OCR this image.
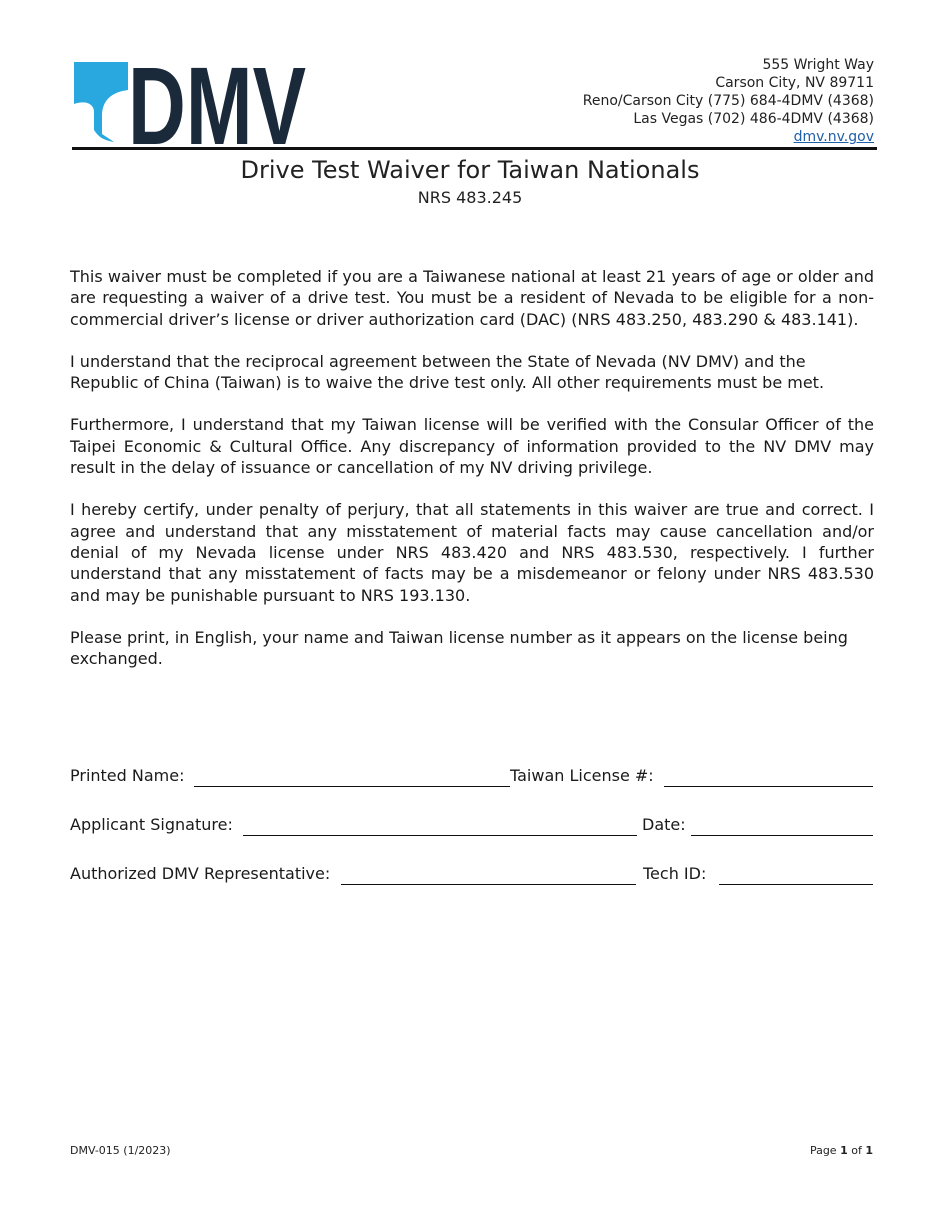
DMV	555 Wright Way
Carson City, NV 89711
Reno/Carson City (775) 684-4DMV (4368)
Las Vegas (702) 486-4DMV (4368)
dmv.nv.gov
Drive Test Waiver for Taiwan Nationals
NRS 483.245

This waiver must be completed if you are a Taiwanese national at least 21 years of age or older and are requesting a waiver of a drive test. You must be a resident of Nevada to be eligible for a non-commercial driver’s license or driver authorization card (DAC) (NRS 483.250, 483.290 & 483.141).

I understand that the reciprocal agreement between the State of Nevada (NV DMV) and the Republic of China (Taiwan) is to waive the drive test only. All other requirements must be met.

Furthermore, I understand that my Taiwan license will be verified with the Consular Officer of the Taipei Economic & Cultural Office. Any discrepancy of information provided to the NV DMV may result in the delay of issuance or cancellation of my NV driving privilege.

I hereby certify, under penalty of perjury, that all statements in this waiver are true and correct. I agree and understand that any misstatement of material facts may cause cancellation and/or denial of my Nevada license under NRS 483.420 and NRS 483.530, respectively. I further understand that any misstatement of facts may be a misdemeanor or felony under NRS 483.530 and may be punishable pursuant to NRS 193.130.

Please print, in English, your name and Taiwan license number as it appears on the license being exchanged.

Printed Name:	Taiwan License #:
Applicant Signature:	Date:
Authorized DMV Representative:	Tech ID:
DMV-015 (1/2023)	Page 1 of 1
